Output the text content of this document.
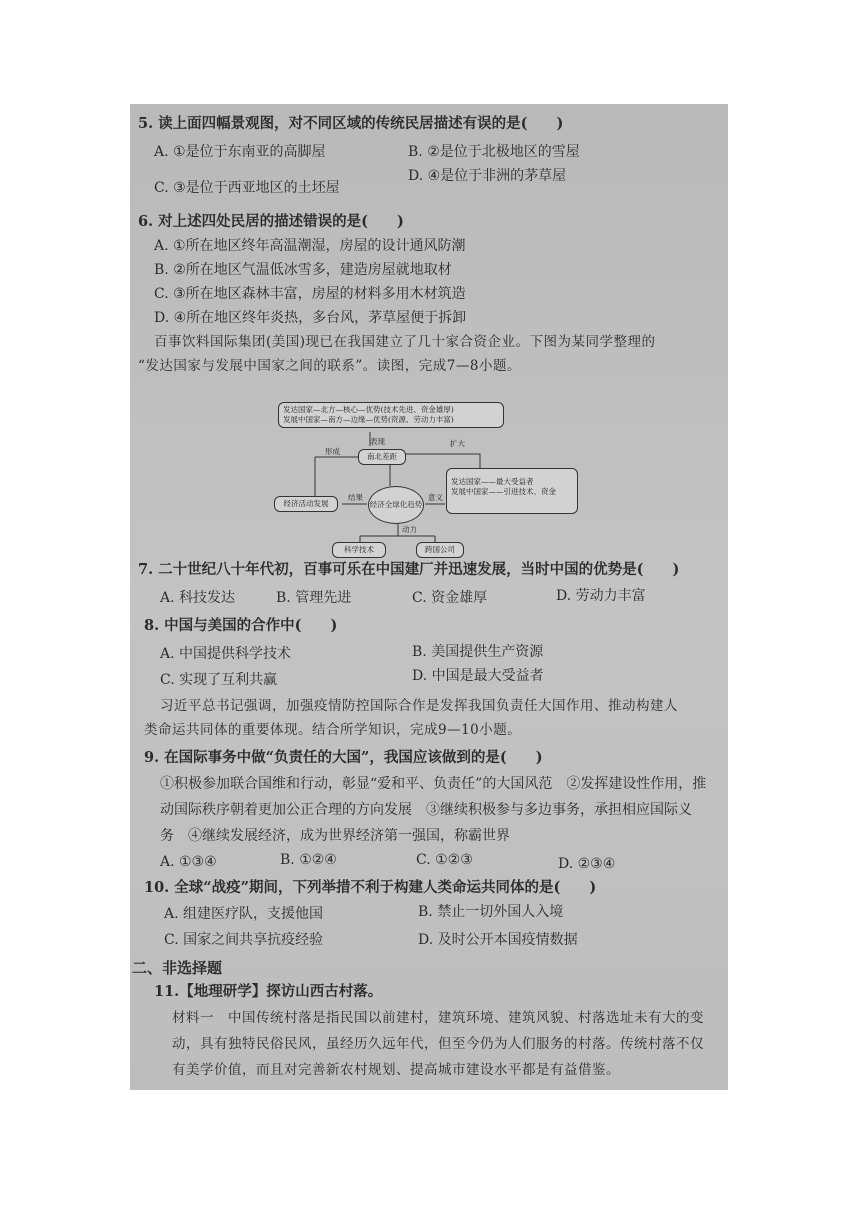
5. 读上面四幅景观图，对不同区域的传统民居描述有误的是(　　)
A. ①是位于东南亚的高脚屋	B. ②是位于北极地区的雪屋
C. ③是位于西亚地区的土坯屋
D. ④是位于非洲的茅草屋
6. 对上述四处民居的描述错误的是(　　)
A. ①所在地区终年高温潮湿，房屋的设计通风防潮
B. ②所在地区气温低冰雪多，建造房屋就地取材
C. ③所在地区森林丰富，房屋的材料多用木材筑造
D. ④所在地区终年炎热，多台风，茅草屋便于拆卸
百事饮料国际集团(美国)现已在我国建立了几十家合资企业。下图为某同学整理的
“发达国家与发展中国家之间的联系”。读图，完成7—8小题。
发达国家—北方—核心—优势(技术先进、资金雄厚)
发展中国家—南方—边缘—优势(资源、劳动力丰富)
表现	扩大
形成
南北差距
结果	意义
经济活动发展	经济全球化趋势
发达国家——最大受益者
发展中国家——引进技术、资金
动力
科学技术	跨国公司
7. 二十世纪八十年代初，百事可乐在中国建厂并迅速发展，当时中国的优势是(　　)
A. 科技发达	B. 管理先进	C. 资金雄厚	D. 劳动力丰富
8. 中国与美国的合作中(　　)
A. 中国提供科学技术	B. 美国提供生产资源
C. 实现了互利共赢	D. 中国是最大受益者
习近平总书记强调，加强疫情防控国际合作是发挥我国负责任大国作用、推动构建人
类命运共同体的重要体现。结合所学知识，完成9—10小题。
9. 在国际事务中做“负责任的大国”，我国应该做到的是(　　)
①积极参加联合国维和行动，彰显“爱和平、负责任”的大国风范　②发挥建设性作用，推
动国际秩序朝着更加公正合理的方向发展　③继续积极参与多边事务，承担相应国际义
务　④继续发展经济，成为世界经济第一强国，称霸世界
A. ①③④	B. ①②④	C. ①②③	D. ②③④
10. 全球“战疫”期间，下列举措不利于构建人类命运共同体的是(　　)
A. 组建医疗队，支援他国	B. 禁止一切外国人入境
C. 国家之间共享抗疫经验	D. 及时公开本国疫情数据
二、非选择题
11.【地理研学】探访山西古村落。
材料一　中国传统村落是指民国以前建村，建筑环境、建筑风貌、村落选址未有大的变
动，具有独特民俗民风，虽经历久远年代，但至今仍为人们服务的村落。传统村落不仅
有美学价值，而且对完善新农村规划、提高城市建设水平都是有益借鉴。
